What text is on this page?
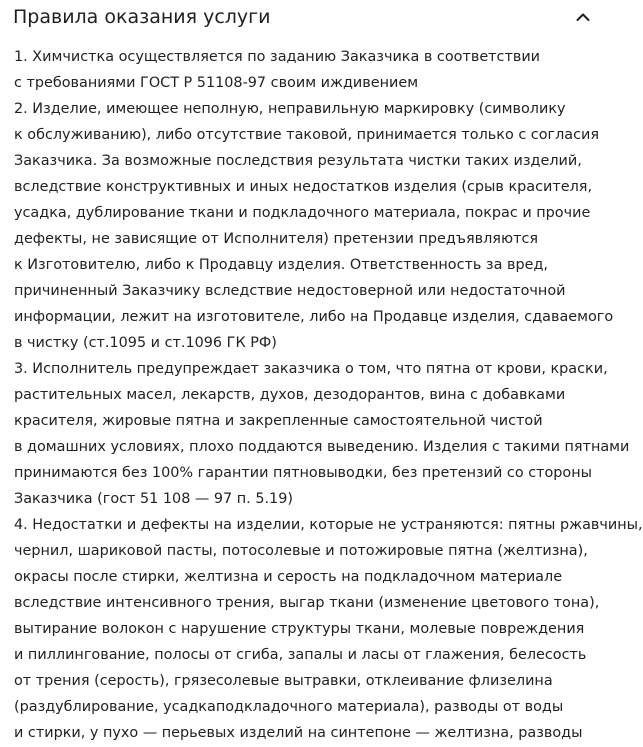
Правила оказания услуги
1. Химчистка осуществляется по заданию Заказчика в соответствии
с требованиями ГОСТ Р 51108-97 своим иждивением
2. Изделие, имеющее неполную, неправильную маркировку (символику
к обслуживанию), либо отсутствие таковой, принимается только с согласия
Заказчика. За возможные последствия результата чистки таких изделий,
вследствие конструктивных и иных недостатков изделия (срыв красителя,
усадка, дублирование ткани и подкладочного материала, покрас и прочие
дефекты, не зависящие от Исполнителя) претензии предъявляются
к Изготовителю, либо к Продавцу изделия. Ответственность за вред,
причиненный Заказчику вследствие недостоверной или недостаточной
информации, лежит на изготовителе, либо на Продавце изделия, сдаваемого
в чистку (ст.1095 и ст.1096 ГК РФ)
3. Исполнитель предупреждает заказчика о том, что пятна от крови, краски,
растительных масел, лекарств, духов, дезодорантов, вина с добавками
красителя, жировые пятна и закрепленные самостоятельной чистой
в домашних условиях, плохо поддаются выведению. Изделия с такими пятнами
принимаются без 100% гарантии пятновыводки, без претензий со стороны
Заказчика (гост 51 108 — 97 п. 5.19)
4. Недостатки и дефекты на изделии, которые не устраняются: пятны ржавчины,
чернил, шариковой пасты, потосолевые и потожировые пятна (желтизна),
окрасы после стирки, желтизна и серость на подкладочном материале
вследствие интенсивного трения, выгар ткани (изменение цветового тона),
вытирание волокон с нарушение структуры ткани, молевые повреждения
и пиллингование, полосы от сгиба, запалы и ласы от глажения, белесость
от трения (серость), грязесолевые вытравки, отклеивание флизелина
(раздублирование, усадкаподкладочного материала), разводы от воды
и стирки, у пухо — перьевых изделий на синтепоне — желтизна, разводы
